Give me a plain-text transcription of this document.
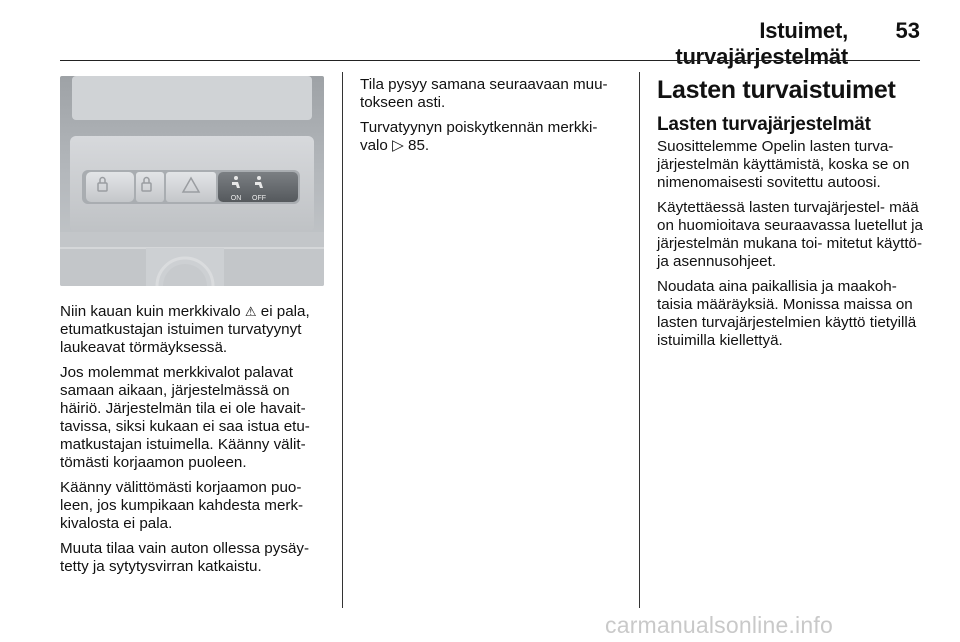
Istuimet, turvajärjestelmät
53
ON OFF

Niin kauan kuin merkkivalo ⚠ ei pala, etumatkustajan istuimen turvatyynyt laukeavat törmäyksessä.

Jos molemmat merkkivalot palavat samaan aikaan, järjestelmässä on häiriö. Järjestelmän tila ei ole havait- tavissa, siksi kukaan ei saa istua etu- matkustajan istuimella. Käänny välit- tömästi korjaamon puoleen.

Käänny välittömästi korjaamon puo- leen, jos kumpikaan kahdesta merk- kivalosta ei pala.

Muuta tilaa vain auton ollessa pysäy- tetty ja sytytysvirran katkaistu.

Tila pysyy samana seuraavaan muu- tokseen asti.

Turvatyynyn poiskytkennän merkki- valo ▷ 85.

Lasten turvaistuimet
Lasten turvajärjestelmät

Suosittelemme Opelin lasten turva- järjestelmän käyttämistä, koska se on nimenomaisesti sovitettu autoosi.

Käytettäessä lasten turvajärjestel- mää on huomioitava seuraavassa luetellut ja järjestelmän mukana toi- mitetut käyttö- ja asennusohjeet.

Noudata aina paikallisia ja maakoh- taisia määräyksiä. Monissa maissa on lasten turvajärjestelmien käyttö tietyillä istuimilla kiellettyä.

carmanualsonline.info
